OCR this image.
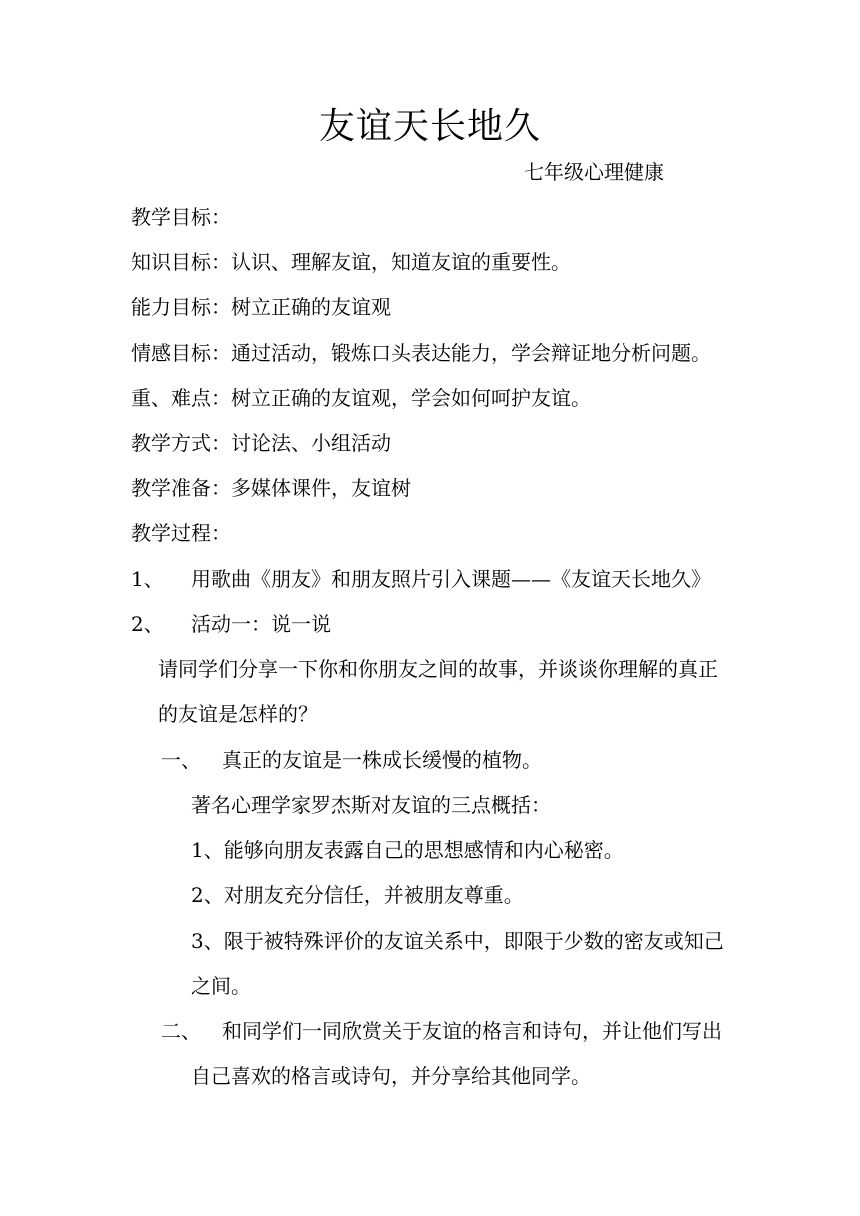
友谊天长地久
七年级心理健康
教学目标：
知识目标：认识、理解友谊，知道友谊的重要性。
能力目标：树立正确的友谊观
情感目标：通过活动，锻炼口头表达能力，学会辩证地分析问题。
重、难点：树立正确的友谊观，学会如何呵护友谊。
教学方式：讨论法、小组活动
教学准备：多媒体课件，友谊树
教学过程：
1、 用歌曲《朋友》和朋友照片引入课题——《友谊天长地久》
2、 活动一：说一说
请同学们分享一下你和你朋友之间的故事，并谈谈你理解的真正
的友谊是怎样的？
一、 真正的友谊是一株成长缓慢的植物。
著名心理学家罗杰斯对友谊的三点概括：
1、能够向朋友表露自己的思想感情和内心秘密。
2、对朋友充分信任，并被朋友尊重。
3、限于被特殊评价的友谊关系中，即限于少数的密友或知己
之间。
二、 和同学们一同欣赏关于友谊的格言和诗句，并让他们写出
自己喜欢的格言或诗句，并分享给其他同学。
